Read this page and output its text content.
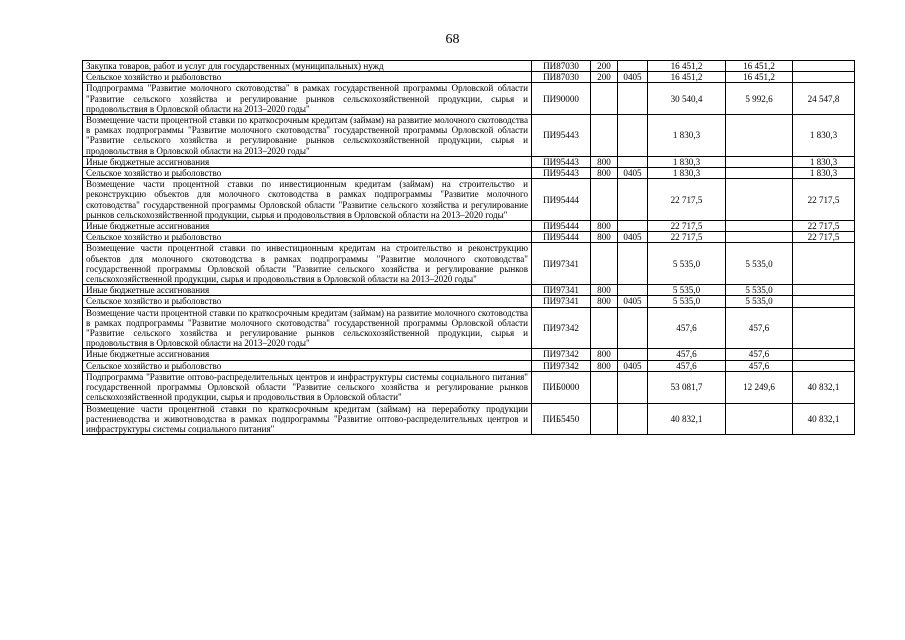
68
Закупка товаров, работ и услуг для государственных (муниципальных) нужд	ПИ87030	200		16 451,2	16 451,2	
Сельское хозяйство и рыболовство	ПИ87030	200	0405	16 451,2	16 451,2	
Подпрограмма "Развитие молочного скотоводства" в рамках государственной программы Орловской области "Развитие сельского хозяйства и регулирование рынков сельскохозяйственной продукции, сырья и продовольствия в Орловской области на 2013–2020 годы"	ПИ90000			30 540,4	5 992,6	24 547,8
Возмещение части процентной ставки по краткосрочным кредитам (займам) на развитие молочного скотоводства в рамках подпрограммы "Развитие молочного скотоводства" государственной программы Орловской области "Развитие сельского хозяйства и регулирование рынков сельскохозяйственной продукции, сырья и продовольствия в Орловской области на 2013–2020 годы"	ПИ95443			1 830,3		1 830,3
Иные бюджетные ассигнования	ПИ95443	800		1 830,3		1 830,3
Сельское хозяйство и рыболовство	ПИ95443	800	0405	1 830,3		1 830,3
Возмещение части процентной ставки по инвестиционным кредитам (займам) на строительство и реконструкцию объектов для молочного скотоводства в рамках подпрограммы "Развитие молочного скотоводства" государственной программы Орловской области "Развитие сельского хозяйства и регулирование рынков сельскохозяйственной продукции, сырья и продовольствия в Орловской области на 2013–2020 годы"	ПИ95444			22 717,5		22 717,5
Иные бюджетные ассигнования	ПИ95444	800		22 717,5		22 717,5
Сельское хозяйство и рыболовство	ПИ95444	800	0405	22 717,5		22 717,5
Возмещение части процентной ставки по инвестиционным кредитам на строительство и реконструкцию объектов для молочного скотоводства в рамках подпрограммы "Развитие молочного скотоводства" государственной программы Орловской области "Развитие сельского хозяйства и регулирование рынков сельскохозяйственной продукции, сырья и продовольствия в Орловской области на 2013–2020 годы"	ПИ97341			5 535,0	5 535,0	
Иные бюджетные ассигнования	ПИ97341	800		5 535,0	5 535,0	
Сельское хозяйство и рыболовство	ПИ97341	800	0405	5 535,0	5 535,0	
Возмещение части процентной ставки по краткосрочным кредитам (займам) на развитие молочного скотоводства в рамках подпрограммы "Развитие молочного скотоводства" государственной программы Орловской области "Развитие сельского хозяйства и регулирование рынков сельскохозяйственной продукции, сырья и продовольствия в Орловской области на 2013–2020 годы"	ПИ97342			457,6	457,6	
Иные бюджетные ассигнования	ПИ97342	800		457,6	457,6	
Сельское хозяйство и рыболовство	ПИ97342	800	0405	457,6	457,6	
Подпрограмма "Развитие оптово-распределительных центров и инфраструктуры системы социального питания" государственной программы Орловской области "Развитие сельского хозяйства и регулирование рынков сельскохозяйственной продукции, сырья и продовольствия в Орловской области"	ПИБ0000			53 081,7	12 249,6	40 832,1
Возмещение части процентной ставки по краткосрочным кредитам (займам) на переработку продукции растениеводства и животноводства в рамках подпрограммы "Развитие оптово-распределительных центров и инфраструктуры системы социального питания"	ПИБ5450			40 832,1		40 832,1
